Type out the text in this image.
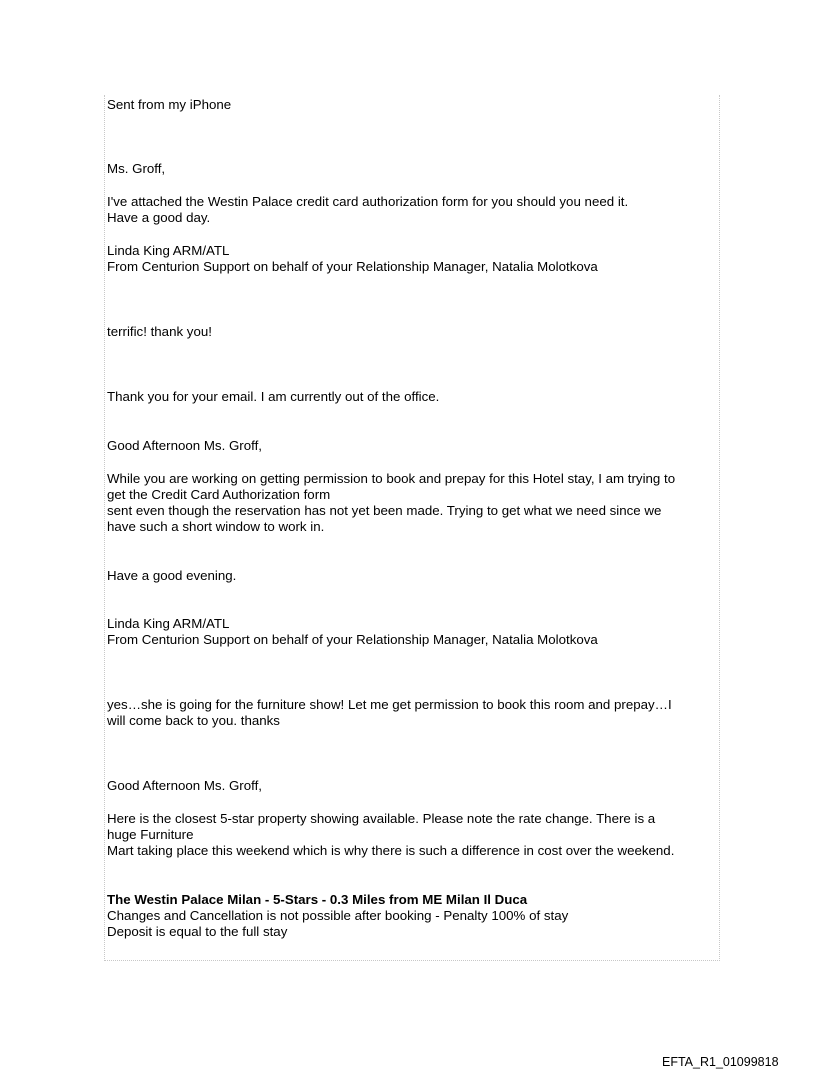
Sent from my iPhone

Ms. Groff,

I've attached the Westin Palace credit card authorization form for you should you need it.

Have a good day.

Linda King ARM/ATL

From Centurion Support on behalf of your Relationship Manager, Natalia Molotkova

terrific! thank you!

Thank you for your email. I am currently out of the office.

Good Afternoon Ms. Groff,

While you are working on getting permission to book and prepay for this Hotel stay, I am trying to

get the Credit Card Authorization form

sent even though the reservation has not yet been made. Trying to get what we need since we

have such a short window to work in.

Have a good evening.

Linda King ARM/ATL

From Centurion Support on behalf of your Relationship Manager, Natalia Molotkova

yes…she is going for the furniture show! Let me get permission to book this room and prepay…I

will come back to you. thanks

Good Afternoon Ms. Groff,

Here is the closest 5-star property showing available. Please note the rate change. There is a

huge Furniture

Mart taking place this weekend which is why there is such a difference in cost over the weekend.

The Westin Palace Milan - 5-Stars - 0.3 Miles from ME Milan Il Duca

Changes and Cancellation is not possible after booking - Penalty 100% of stay

Deposit is equal to the full stay

EFTA_R1_01099818
